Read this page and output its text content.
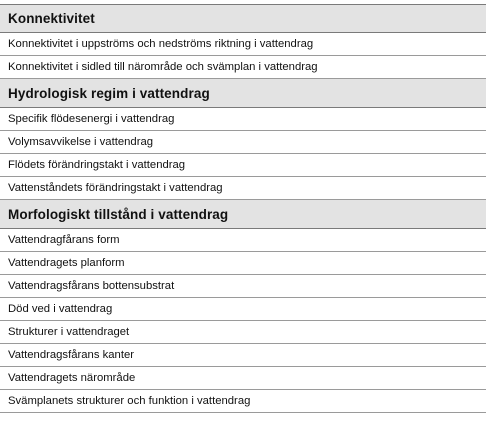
Konnektivitet
Konnektivitet i uppströms och nedströms riktning i vattendrag
Konnektivitet i sidled till närområde och svämplan i vattendrag
Hydrologisk regim i vattendrag
Specifik flödesenergi i vattendrag
Volymsavvikelse i vattendrag
Flödets förändringstakt i vattendrag
Vattenståndets förändringstakt i vattendrag
Morfologiskt tillstånd i vattendrag
Vattendragfårans form
Vattendragets planform
Vattendragsfårans bottensubstrat
Död ved i vattendrag
Strukturer i vattendraget
Vattendragsfårans kanter
Vattendragets närområde
Svämplanets strukturer och funktion i vattendrag
